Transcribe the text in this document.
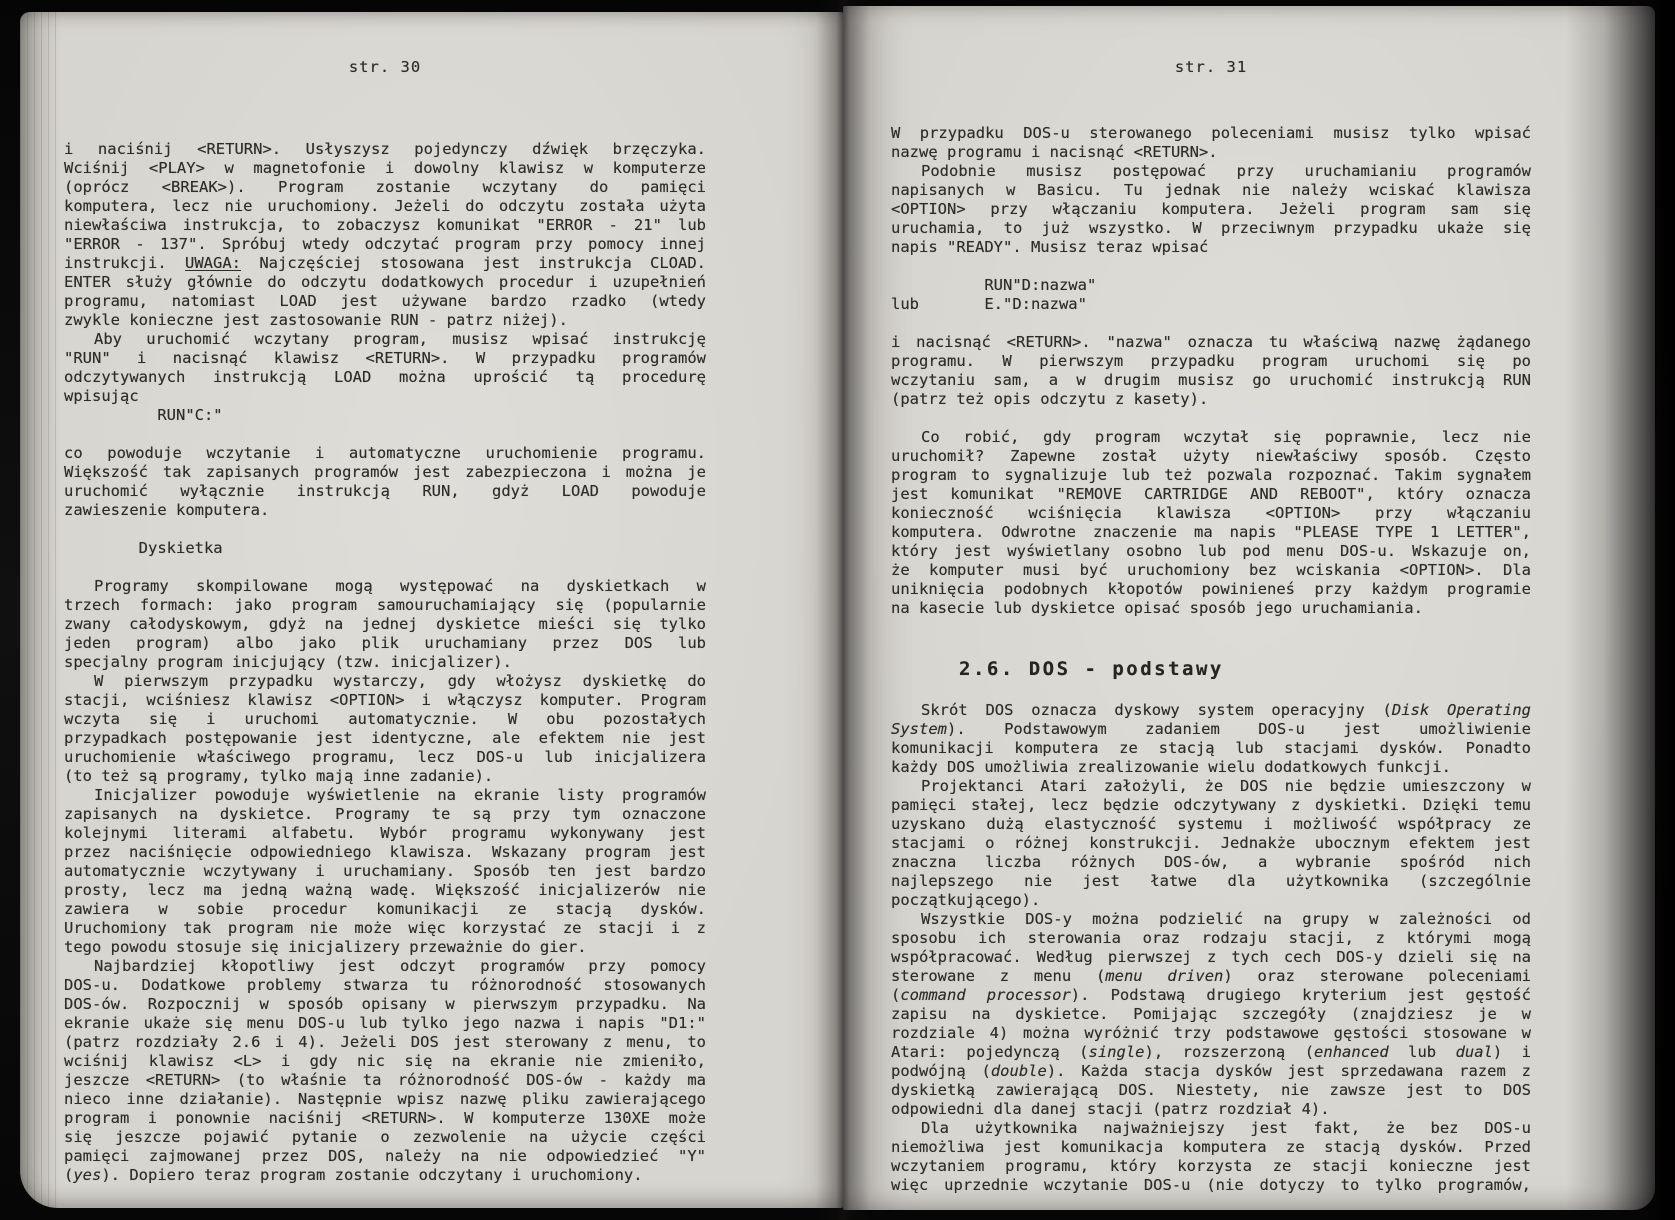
str. 30
i naciśnij <RETURN>. Usłyszysz pojedynczy dźwięk brzęczyka.
Wciśnij <PLAY> w magnetofonie i dowolny klawisz w komputerze
(oprócz <BREAK>). Program zostanie wczytany do pamięci
komputera, lecz nie uruchomiony. Jeżeli do odczytu została użyta
niewłaściwa instrukcja, to zobaczysz komunikat "ERROR - 21" lub
"ERROR - 137". Spróbuj wtedy odczytać program przy pomocy innej
instrukcji. UWAGA: Najczęściej stosowana jest instrukcja CLOAD.
ENTER służy głównie do odczytu dodatkowych procedur i uzupełnień
programu, natomiast LOAD jest używane bardzo rzadko (wtedy
zwykle konieczne jest zastosowanie RUN - patrz niżej).
Aby uruchomić wczytany program, musisz wpisać instrukcję
"RUN" i nacisnąć klawisz <RETURN>. W przypadku programów
odczytywanych instrukcją LOAD można uprościć tą procedurę
wpisując
RUN"C:"
co powoduje wczytanie i automatyczne uruchomienie programu.
Większość tak zapisanych programów jest zabezpieczona i można je
uruchomić wyłącznie instrukcją RUN, gdyż LOAD powoduje
zawieszenie komputera.
Dyskietka
Programy skompilowane mogą występować na dyskietkach w
trzech formach: jako program samouruchamiający się (popularnie
zwany całodyskowym, gdyż na jednej dyskietce mieści się tylko
jeden program) albo jako plik uruchamiany przez DOS lub
specjalny program inicjujący (tzw. inicjalizer).
W pierwszym przypadku wystarczy, gdy włożysz dyskietkę do
stacji, wciśniesz klawisz <OPTION> i włączysz komputer. Program
wczyta się i uruchomi automatycznie. W obu pozostałych
przypadkach postępowanie jest identyczne, ale efektem nie jest
uruchomienie właściwego programu, lecz DOS-u lub inicjalizera
(to też są programy, tylko mają inne zadanie).
Inicjalizer powoduje wyświetlenie na ekranie listy programów
zapisanych na dyskietce. Programy te są przy tym oznaczone
kolejnymi literami alfabetu. Wybór programu wykonywany jest
przez naciśnięcie odpowiedniego klawisza. Wskazany program jest
automatycznie wczytywany i uruchamiany. Sposób ten jest bardzo
prosty, lecz ma jedną ważną wadę. Większość inicjalizerów nie
zawiera w sobie procedur komunikacji ze stacją dysków.
Uruchomiony tak program nie może więc korzystać ze stacji i z
tego powodu stosuje się inicjalizery przeważnie do gier.
Najbardziej kłopotliwy jest odczyt programów przy pomocy
DOS-u. Dodatkowe problemy stwarza tu różnorodność stosowanych
DOS-ów. Rozpocznij w sposób opisany w pierwszym przypadku. Na
ekranie ukaże się menu DOS-u lub tylko jego nazwa i napis "D1:"
(patrz rozdziały 2.6 i 4). Jeżeli DOS jest sterowany z menu, to
wciśnij klawisz <L> i gdy nic się na ekranie nie zmieniło,
jeszcze <RETURN> (to właśnie ta różnorodność DOS-ów - każdy ma
nieco inne działanie). Następnie wpisz nazwę pliku zawierającego
program i ponownie naciśnij <RETURN>. W komputerze 130XE może
się jeszcze pojawić pytanie o zezwolenie na użycie części
pamięci zajmowanej przez DOS, należy na nie odpowiedzieć "Y"
(yes). Dopiero teraz program zostanie odczytany i uruchomiony.
str. 31
W przypadku DOS-u sterowanego poleceniami musisz tylko wpisać
nazwę programu i nacisnąć <RETURN>.
Podobnie musisz postępować przy uruchamianiu programów
napisanych w Basicu. Tu jednak nie należy wciskać klawisza
<OPTION> przy włączaniu komputera. Jeżeli program sam się
uruchamia, to już wszystko. W przeciwnym przypadku ukaże się
napis "READY". Musisz teraz wpisać
RUN"D:nazwa"
lub       E."D:nazwa"
i nacisnąć <RETURN>. "nazwa" oznacza tu właściwą nazwę żądanego
programu. W pierwszym przypadku program uruchomi się po
wczytaniu sam, a w drugim musisz go uruchomić instrukcją RUN
(patrz też opis odczytu z kasety).
Co robić, gdy program wczytał się poprawnie, lecz nie
uruchomił? Zapewne został użyty niewłaściwy sposób. Często
program to sygnalizuje lub też pozwala rozpoznać. Takim sygnałem
jest komunikat "REMOVE CARTRIDGE AND REBOOT", który oznacza
konieczność wciśnięcia klawisza <OPTION> przy włączaniu
komputera. Odwrotne znaczenie ma napis "PLEASE TYPE 1 LETTER",
który jest wyświetlany osobno lub pod menu DOS-u. Wskazuje on,
że komputer musi być uruchomiony bez wciskania <OPTION>. Dla
uniknięcia podobnych kłopotów powinieneś przy każdym programie
na kasecie lub dyskietce opisać sposób jego uruchamiania.
2.6. DOS - podstawy
Skrót DOS oznacza dyskowy system operacyjny (Disk Operating
System). Podstawowym zadaniem DOS-u jest umożliwienie
komunikacji komputera ze stacją lub stacjami dysków. Ponadto
każdy DOS umożliwia zrealizowanie wielu dodatkowych funkcji.
Projektanci Atari założyli, że DOS nie będzie umieszczony w
pamięci stałej, lecz będzie odczytywany z dyskietki. Dzięki temu
uzyskano dużą elastyczność systemu i możliwość współpracy ze
stacjami o różnej konstrukcji. Jednakże ubocznym efektem jest
znaczna liczba różnych DOS-ów, a wybranie spośród nich
najlepszego nie jest łatwe dla użytkownika (szczególnie
początkującego).
Wszystkie DOS-y można podzielić na grupy w zależności od
sposobu ich sterowania oraz rodzaju stacji, z którymi mogą
współpracować. Według pierwszej z tych cech DOS-y dzieli się na
sterowane z menu (menu driven) oraz sterowane poleceniami
(command processor). Podstawą drugiego kryterium jest gęstość
zapisu na dyskietce. Pomijając szczegóły (znajdziesz je w
rozdziale 4) można wyróżnić trzy podstawowe gęstości stosowane w
Atari: pojedynczą (single), rozszerzoną (enhanced lub dual) i
podwójną (double). Każda stacja dysków jest sprzedawana razem z
dyskietką zawierającą DOS. Niestety, nie zawsze jest to DOS
odpowiedni dla danej stacji (patrz rozdział 4).
Dla użytkownika najważniejszy jest fakt, że bez DOS-u
niemożliwa jest komunikacja komputera ze stacją dysków. Przed
wczytaniem programu, który korzysta ze stacji konieczne jest
więc uprzednie wczytanie DOS-u (nie dotyczy to tylko programów,
